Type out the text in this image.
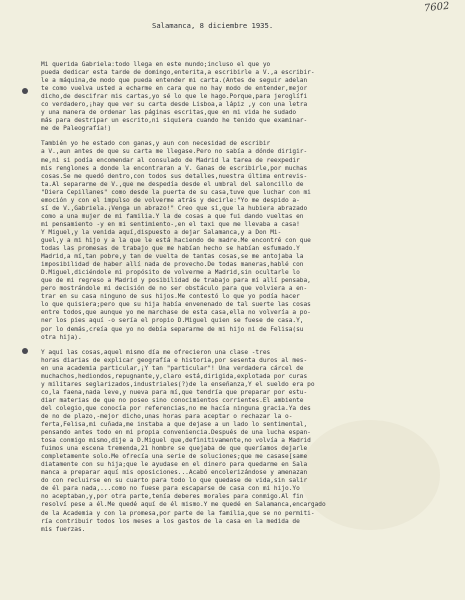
7602
Salamanca, 8 diciembre 1935.
Mi querida Gabriela:todo llega en este mundo;incluso el que yo
pueda dedicar esta tarde de domingo,enterita,a escribirle a V.,a escribir-
le a máquina,de modo que pueda entender mi carta.(Antes de seguir adelan
te como vuelva usted a echarme en cara que no hay modo de entender,mejor
dicho,de descifrar mis cartas,yo sé lo que le hago.Porque,para jeroglífi
co verdadero,¡hay que ver su carta desde Lisboa,a lápiz ,y con una letra
y una manera de ordenar las páginas escritas,que en mi vida he sudado
más para destripar un escrito,ni siquiera cuando he tenido que examinar-
me de Paleografía!)
También yo he estado con ganas,y aun con necesidad de escribir
a V.,aun antes de que su carta me llegase.Pero no sabía a dónde dirigir-
me,ni si podía encomendar al consulado de Madrid la tarea de reexpedir
mis renglones a donde la encontraran a V. Ganas de escribirle,por muchas
cosas.Se me quedó dentro,con todos sus detalles,nuestra última entrevis-
ta.Al separarme de V.,que me despedía desde el umbral del saloncillo de
"Diera Cepillanes" como desde la puerta de su casa,tuve que luchar con mi
emoción y con el impulso de volverme atrás y decirle:"Yo me despido a-
sí de V.,Gabriela.¡Venga un abrazo!" Creo que si,que la hubiera abrazado
como a una mujer de mi familia.Y la de cosas a que fui dando vueltas en
mi pensamiento -y en mi sentimiento-,en el taxi que me llevaba a casa!
Y Miguel,y la venida aquí,dispuesto a dejar Salamanca,y a Don Mi-
guel,y a mi hijo y a la que le está haciendo de madre.Me encontré con que
todas las promesas de trabajo que me habían hecho se habían esfumado.Y
Madrid,a mí,tan pobre,y tan de vuelta de tantas cosas,se me antojaba la
imposibilidad de haber allí nada de provecho.De todas maneras,hablé con
D.Miguel,diciéndole mi propósito de volverme a Madrid,sin ocultarle lo
que de mi regreso a Madrid y posibilidad de trabajo para mí allí pensaba,
pero mostrándole mi decisión de no ser obstáculo para que volviera a en-
trar en su casa ninguno de sus hijos.Me contestó lo que yo podía hacer
lo que quisiera;pero que su hija había envenenado de tal suerte las cosas
entre todos,que aunque yo me marchase de esta casa,ella no volvería a po-
ner los pies aquí -o sería el propio D.Miguel quien se fuese de casa.Y,
por lo demás,creía que yo no debía separarme de mi hijo ni de Felisa(su
otra hija).
Y aquí las cosas,aquel mismo día me ofrecieron una clase -tres
horas diarias de explicar geografía e historia,por sesenta duros al mes-
en una academia particular,¡Y tan "particular"! Una verdadera cárcel de
muchachos,hediondos,repugnante,y,claro está,dirigida,explotada por curas
y militares seglarizados,industriales(?)de la enseñanza,Y el sueldo era po
co,la faena,nada leve,y nueva para mí,que tendría que preparar por estu-
diar materias de que no poseo sino conocimientos corrientes.El ambiente
del colegio,que conocía por referencias,no me hacía ninguna gracia.Ya des
de no de plazo,-mejor dicho,unas horas para aceptar o rechazar la o-
ferta,Felisa,mi cuñada,me instaba a que dejase a un lado lo sentimental,
pensando antes todo en mi propia conveniencia.Después de una lucha espan-
tosa conmigo mismo,dije a D.Miguel que,definitivamente,no volvía a Madrid
fuimos una escena tremenda,21 hombre se quejaba de que queríamos dejarle
completamente solo.Me ofrecía una serie de soluciones;que me casase[same
diatamente con su hija;que le ayudase en el dinero para quedarme en Sala
manca a preparar aquí mis oposiciones...Acabó encolerizándose y amenazan
do con recluirse en su cuarto para todo lo que quedase de vida,sin salir
de él para nada,...como no fuese para escaparse de casa con mi hijo.Yo
no aceptaban,y,por otra parte,tenía deberes morales para conmigo.Al fin
resolví pese a él.Me quedé aquí de él mismo.Y me quedé en Salamanca,encargado
de la Academia y con la promesa,por parte de la familia,que se no permiti-
ría contribuir todos los meses a los gastos de la casa en la medida de
mis fuerzas.
